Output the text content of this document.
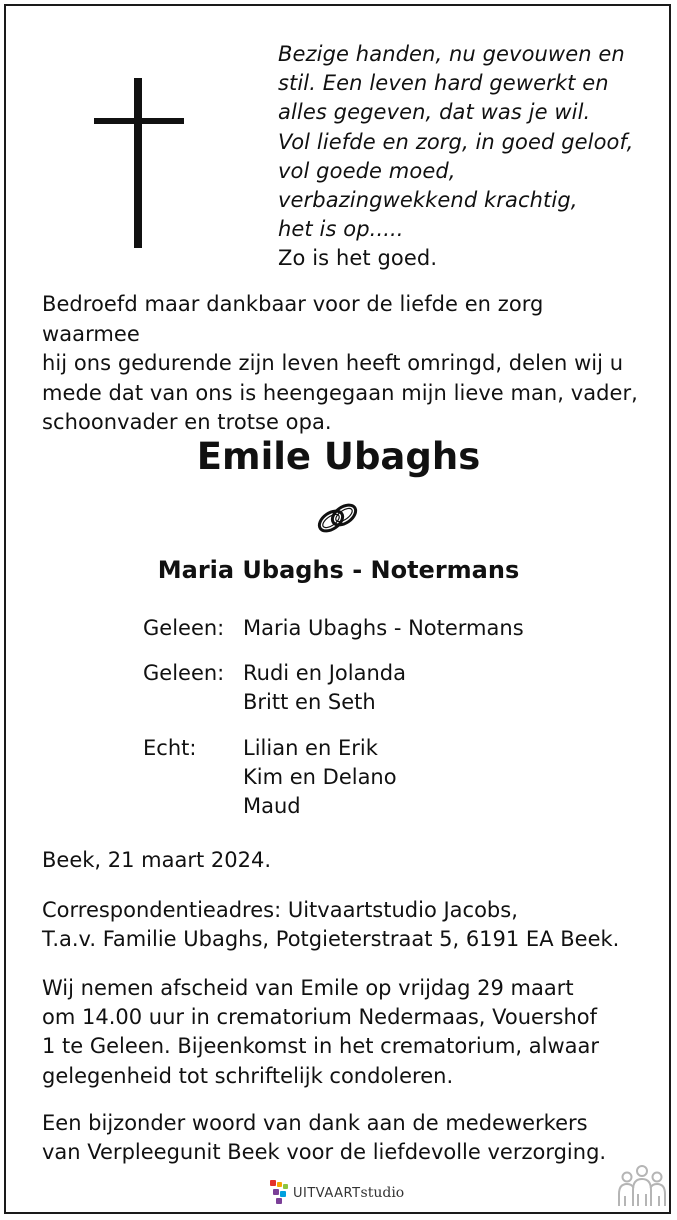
Bezige handen, nu gevouwen en
stil. Een leven hard gewerkt en
alles gegeven, dat was je wil.
Vol liefde en zorg, in goed geloof,
vol goede moed,
verbazingwekkend krachtig,
het is op.....
Zo is het goed.
Bedroefd maar dankbaar voor de liefde en zorg waarmee
hij ons gedurende zijn leven heeft omringd, delen wij u
mede dat van ons is heengegaan mijn lieve man, vader,
schoonvader en trotse opa.
Emile Ubaghs
Maria Ubaghs - Notermans
Geleen: Maria Ubaghs - Notermans
Geleen: Rudi en Jolanda
Britt en Seth
Echt:	Lilian en Erik
Kim en Delano
Maud
Beek, 21 maart 2024.
Correspondentieadres: Uitvaartstudio Jacobs,
T.a.v. Familie Ubaghs, Potgieterstraat 5, 6191 EA Beek.
Wij nemen afscheid van Emile op vrijdag 29 maart
om 14.00 uur in crematorium Nedermaas, Vouershof
1 te Geleen. Bijeenkomst in het crematorium, alwaar
gelegenheid tot schriftelijk condoleren.
Een bijzonder woord van dank aan de medewerkers
van Verpleegunit Beek voor de liefdevolle verzorging.
UITVAARTstudio
